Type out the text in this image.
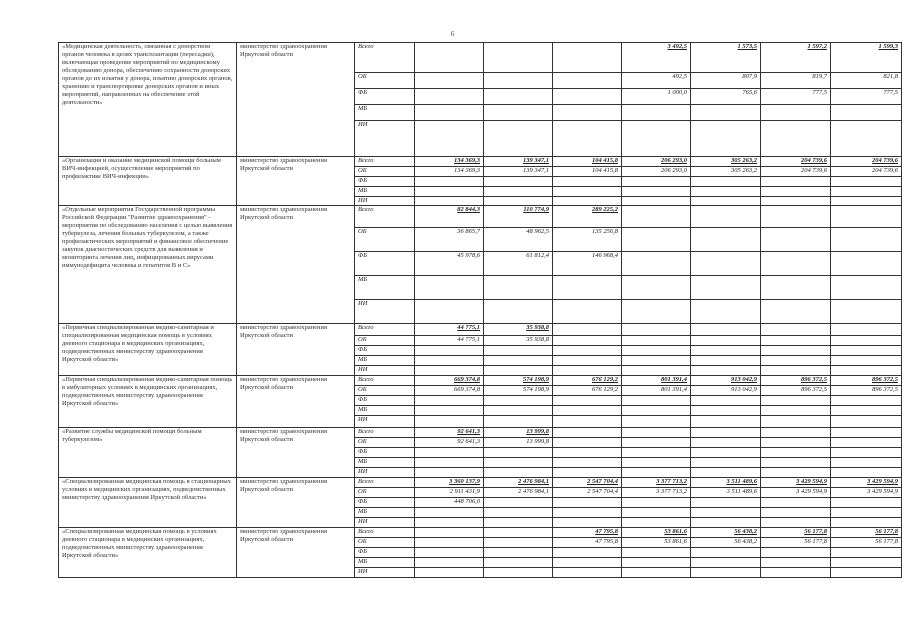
6
«Медицинская деятельность, связанная с донорством органов человека в целях трансплантации (пересадки), включающая проведение мероприятий по медицинскому обследованию донора, обеспечению сохранности донорских органов до их изъятия у донора, изъятию донорских органов, хранению и транспортировке донорских органов и иных мероприятий, направленных на обеспечение этой деятельности»	министерство здравоохранения Иркутской области	Всего				3 492,5	1 573,5	1 597,2	1 599,3
		ОБ				492,5	807,9	819,7	821,8
		ФБ				1 000,0	765,6	777,5	777,5
		МБ							
		ИИ							
«Организация и оказание медицинской помощи больным ВИЧ-инфекцией, осуществление мероприятий по профилактике ВИЧ-инфекции»	министерство здравоохранения Иркутской области	Всего	134 369,3	139 347,1	104 415,8	206 293,0	305 263,2	204 739,6	204 739,6
		ОБ	134 369,3	139 347,1	104 415,8	206 293,0	305 263,2	204 739,6	204 739,6
		ФБ							
		МБ							
		ИИ							
«Отдельные мероприятия Государственной программы Российской Федерации "Развитие здравоохранения" - мероприятия по обследованию населения с целью выявления туберкулеза, лечения больных туберкулезом, а также профилактических мероприятий и финансовое обеспечение закупок диагностических средств для выявления и мониторинга лечения лиц, инфицированных вирусами иммунодефицита человека и гепатитов В и С»	министерство здравоохранения Иркутской области	Всего	82 844,3	110 774,9	289 225,2				
		ОБ	36 865,7	48 962,5	135 256,8				
		ФБ	45 978,6	61 812,4	146 968,4				
		МБ							
		ИИ							
«Первичная специализированная медико-санитарная и специализированная медицинская помощь в условиях дневного стационара в медицинских организациях, подведомственных министерству здравоохранения Иркутской области»	министерство здравоохранения Иркутской области	Всего	44 775,1	35 938,8					
		ОБ	44 775,1	35 938,8					
		ФБ							
		МБ							
		ИИ							
«Первичная специализированная медико-санитарная помощь в амбулаторных условиях в медицинских организациях, подведомственных министерству здравоохранения Иркутской области»	министерство здравоохранения Иркутской области	Всего	669 374,8	574 198,9	676 129,2	801 391,4	913 042,9	896 372,5	896 372,5
		ОБ	669 374,8	574 198,9	676 129,2	801 391,4	913 042,9	896 372,5	896 372,5
		ФБ							
		МБ							
		ИИ							
«Развитие службы медицинской помощи больным туберкулезом»	министерство здравоохранения Иркутской области	Всего	92 641,3	13 999,8					
		ОБ	92 641,3	13 999,8					
		ФБ							
		МБ							
		ИИ							
«Специализированная медицинская помощь в стационарных условиях в медицинских организациях, подведомственных министерству здравоохранения Иркутской области»	министерство здравоохранения Иркутской области	Всего	3 360 137,9	2 476 984,1	2 547 704,4	3 377 713,2	3 511 489,6	3 429 594,9	3 429 594,9
		ОБ	2 911 431,9	2 476 984,1	2 547 704,4	3 377 713,2	3 511 489,6	3 429 594,9	3 429 594,9
		ФБ	448 706,0						
		МБ							
		ИИ							
«Специализированная медицинская помощь в условиях дневного стационара в медицинских организациях, подведомственных министерству здравоохранения Иркутской области»	министерство здравоохранения Иркутской области	Всего			47 795,8	53 861,6	56 438,2	56 177,8	56 177,8
		ОБ			47 795,8	53 861,6	56 438,2	56 177,8	56 177,8
		ФБ							
		МБ							
		ИИ							
